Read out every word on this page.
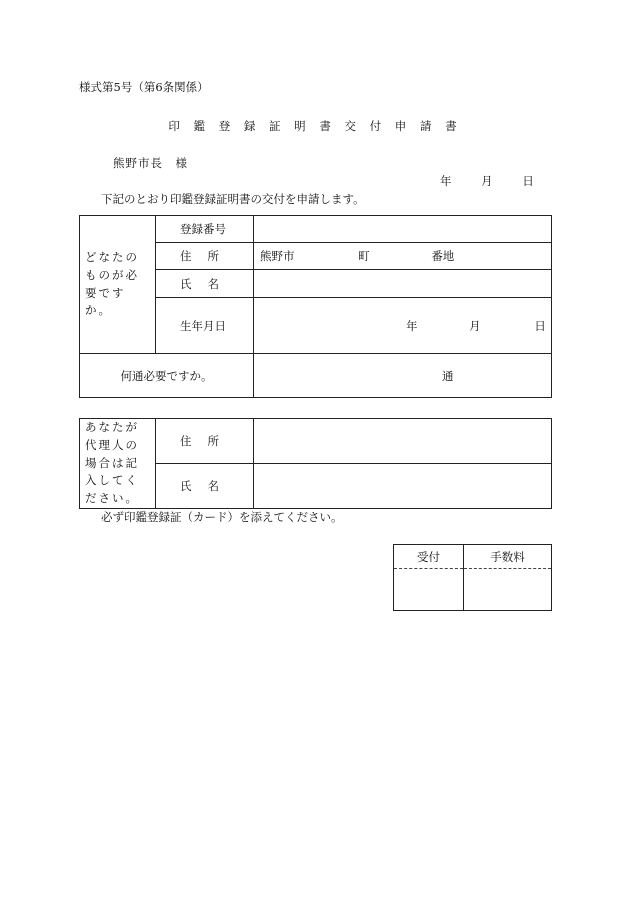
様式第5号（第6条関係）
印 鑑 登 録 証 明 書 交 付 申 請 書
熊野市長　様
年	月	日
下記のとおり印鑑登録証明書の交付を申請します。
どなたのものが必要ですか。	登録番号	
	住 所	熊野市 町 番地
	氏 名	
	生年月日	年 月 日
何通必要ですか。		通
あなたが代理人の場合は記入してください。	住 所	
	氏 名	
必ず印鑑登録証（カード）を添えてください。
受付	手数料
